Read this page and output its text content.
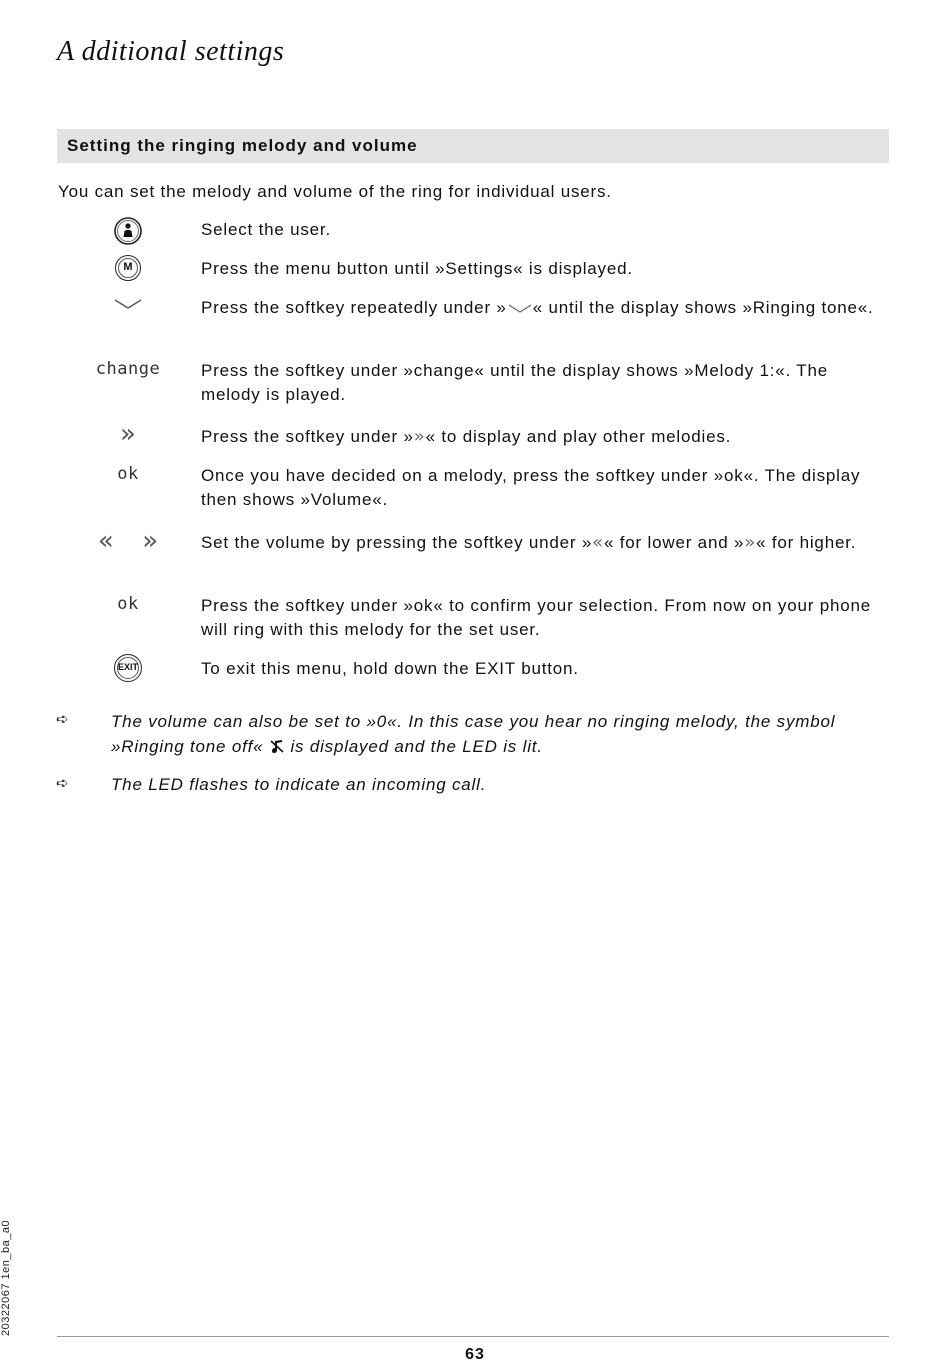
A dditional settings
Setting the ringing melody and volume
You can set the melody and volume of the ring for individual users.
Select the user.
M	Press the menu button until »Settings« is displayed.
Press the softkey repeatedly under » « until the display shows »Ringing tone«.
change	Press the softkey under »change« until the display shows »Melody 1:«. The melody is played.
»	Press the softkey under »»« to display and play other melodies.
ok	Once you have decided on a melody, press the softkey under »ok«. The display then shows »Volume«.
« »	Set the volume by pressing the softkey under »«« for lower and »»« for higher.
ok	Press the softkey under »ok« to confirm your selection. From now on your phone will ring with this melody for the set user.
EXIT	To exit this menu, hold down the EXIT button.
➪ The volume can also be set to »0«. In this case you hear no ringing melody, the symbol »Ringing tone off«  is displayed and the LED is lit.
➪ The LED flashes to indicate an incoming call.
20322067 1en_ba_a0
63
